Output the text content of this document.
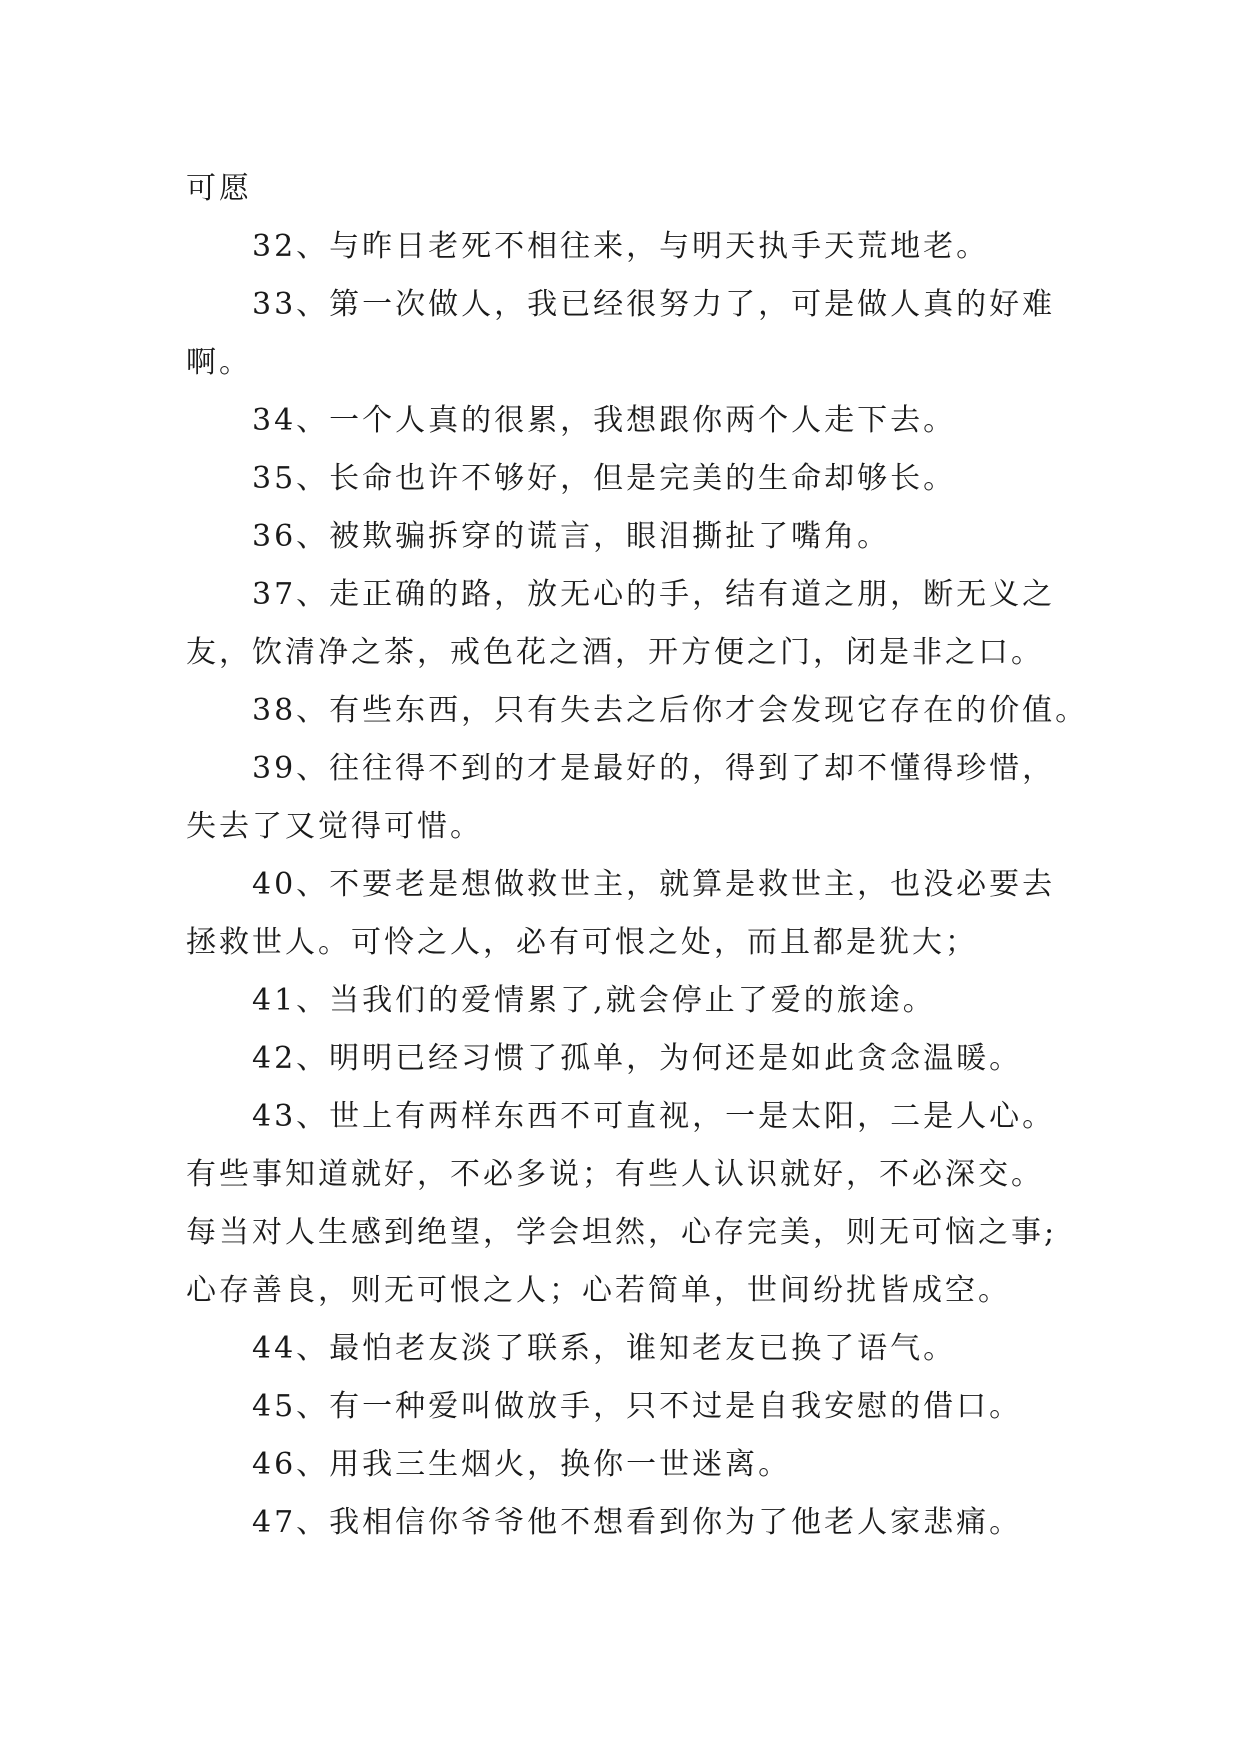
可愿
32、与昨日老死不相往来，与明天执手天荒地老。
33、第一次做人，我已经很努力了，可是做人真的好难
啊。
34、一个人真的很累，我想跟你两个人走下去。
35、长命也许不够好，但是完美的生命却够长。
36、被欺骗拆穿的谎言，眼泪撕扯了嘴角。
37、走正确的路，放无心的手，结有道之朋，断无义之
友，饮清净之茶，戒色花之酒，开方便之门，闭是非之口。
38、有些东西，只有失去之后你才会发现它存在的价值。
39、往往得不到的才是最好的，得到了却不懂得珍惜，
失去了又觉得可惜。
40、不要老是想做救世主，就算是救世主，也没必要去
拯救世人。可怜之人，必有可恨之处，而且都是犹大；
41、当我们的爱情累了,就会停止了爱的旅途。
42、明明已经习惯了孤单，为何还是如此贪念温暖。
43、世上有两样东西不可直视，一是太阳，二是人心。
有些事知道就好，不必多说；有些人认识就好，不必深交。
每当对人生感到绝望，学会坦然，心存完美，则无可恼之事;
心存善良，则无可恨之人；心若简单，世间纷扰皆成空。
44、最怕老友淡了联系，谁知老友已换了语气。
45、有一种爱叫做放手，只不过是自我安慰的借口。
46、用我三生烟火，换你一世迷离。
47、我相信你爷爷他不想看到你为了他老人家悲痛。
